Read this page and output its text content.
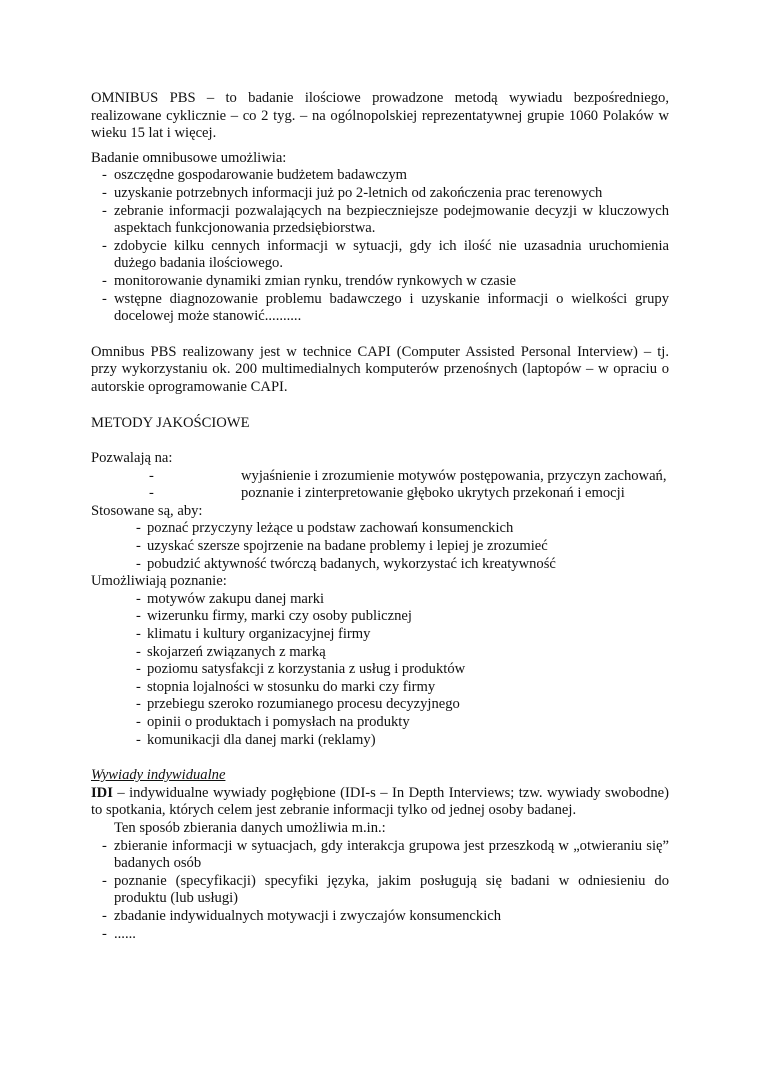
OMNIBUS PBS – to badanie ilościowe prowadzone metodą wywiadu bezpośredniego, realizowane cyklicznie – co 2 tyg. – na ogólnopolskiej reprezentatywnej grupie 1060 Polaków w wieku 15 lat i więcej.

Badanie omnibusowe umożliwia:

- oszczędne gospodarowanie budżetem badawczym
- uzyskanie potrzebnych informacji już po 2-letnich od zakończenia prac terenowych
- zebranie informacji pozwalających na bezpieczniejsze podejmowanie decyzji w kluczowych aspektach funkcjonowania przedsiębiorstwa.
- zdobycie kilku cennych informacji w sytuacji, gdy ich ilość nie uzasadnia uruchomienia dużego badania ilościowego.
- monitorowanie dynamiki zmian rynku, trendów rynkowych w czasie
- wstępne diagnozowanie problemu badawczego i uzyskanie informacji o wielkości grupy docelowej może stanowić..........

Omnibus PBS realizowany jest w technice CAPI (Computer Assisted Personal Interview) – tj. przy wykorzystaniu ok. 200 multimedialnych komputerów przenośnych (laptopów – w opraciu o autorskie oprogramowanie CAPI.

METODY JAKOŚCIOWE

Pozwalają na:

- wyjaśnienie i zrozumienie motywów postępowania, przyczyn zachowań,
- poznanie i zinterpretowanie głęboko ukrytych przekonań i emocji

Stosowane są, aby:

- poznać przyczyny leżące u podstaw zachowań konsumenckich
- uzyskać szersze spojrzenie na badane problemy i lepiej je zrozumieć
- pobudzić aktywność twórczą badanych, wykorzystać ich kreatywność

Umożliwiają poznanie:

- motywów zakupu danej marki
- wizerunku firmy, marki czy osoby publicznej
- klimatu i kultury organizacyjnej firmy
- skojarzeń związanych z marką
- poziomu satysfakcji z korzystania z usług i produktów
- stopnia lojalności w stosunku do marki czy firmy
- przebiegu szeroko rozumianego procesu decyzyjnego
- opinii o produktach i pomysłach na produkty
- komunikacji dla danej marki (reklamy)

Wywiady indywidualne

IDI – indywidualne wywiady pogłębione (IDI-s – In Depth Interviews; tzw. wywiady swobodne) to spotkania, których celem jest zebranie informacji tylko od jednej osoby badanej.

Ten sposób zbierania danych umożliwia m.in.:

- zbieranie informacji w sytuacjach, gdy interakcja grupowa jest przeszkodą w „otwieraniu się” badanych osób
- poznanie (specyfikacji) specyfiki języka, jakim posługują się badani w odniesieniu do produktu (lub usługi)
- zbadanie indywidualnych motywacji i zwyczajów konsumenckich
- ......
